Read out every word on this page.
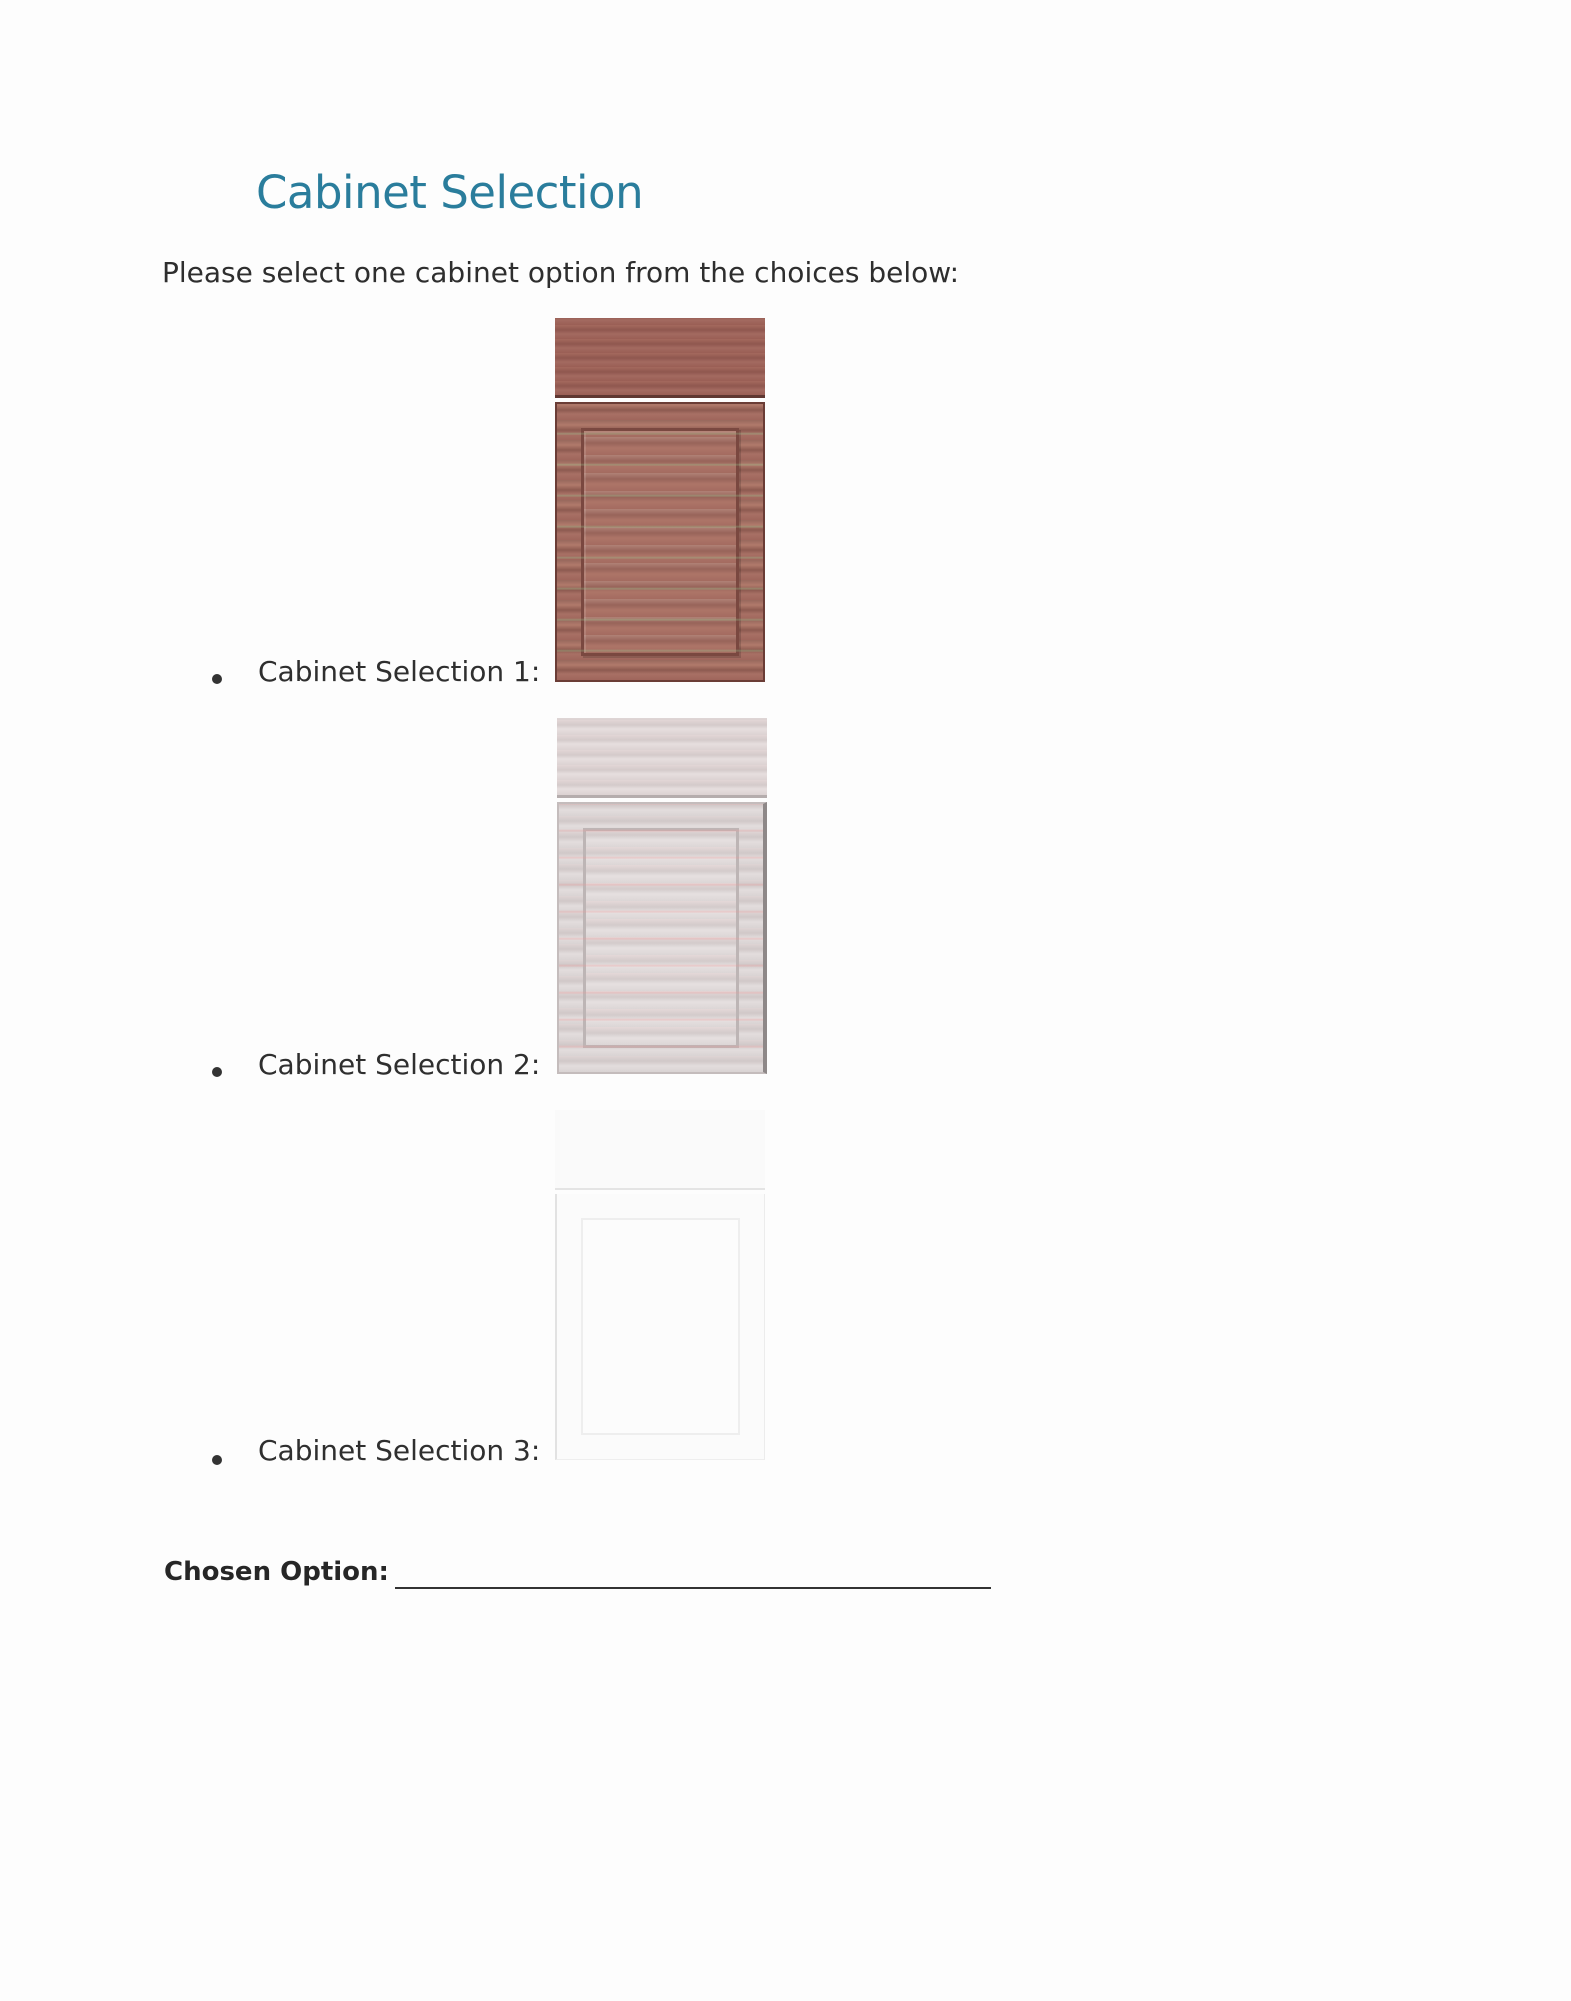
Cabinet Selection

Please select one cabinet option from the choices below:

Cabinet Selection 1:
Cabinet Selection 2:
Cabinet Selection 3:
Chosen Option:
